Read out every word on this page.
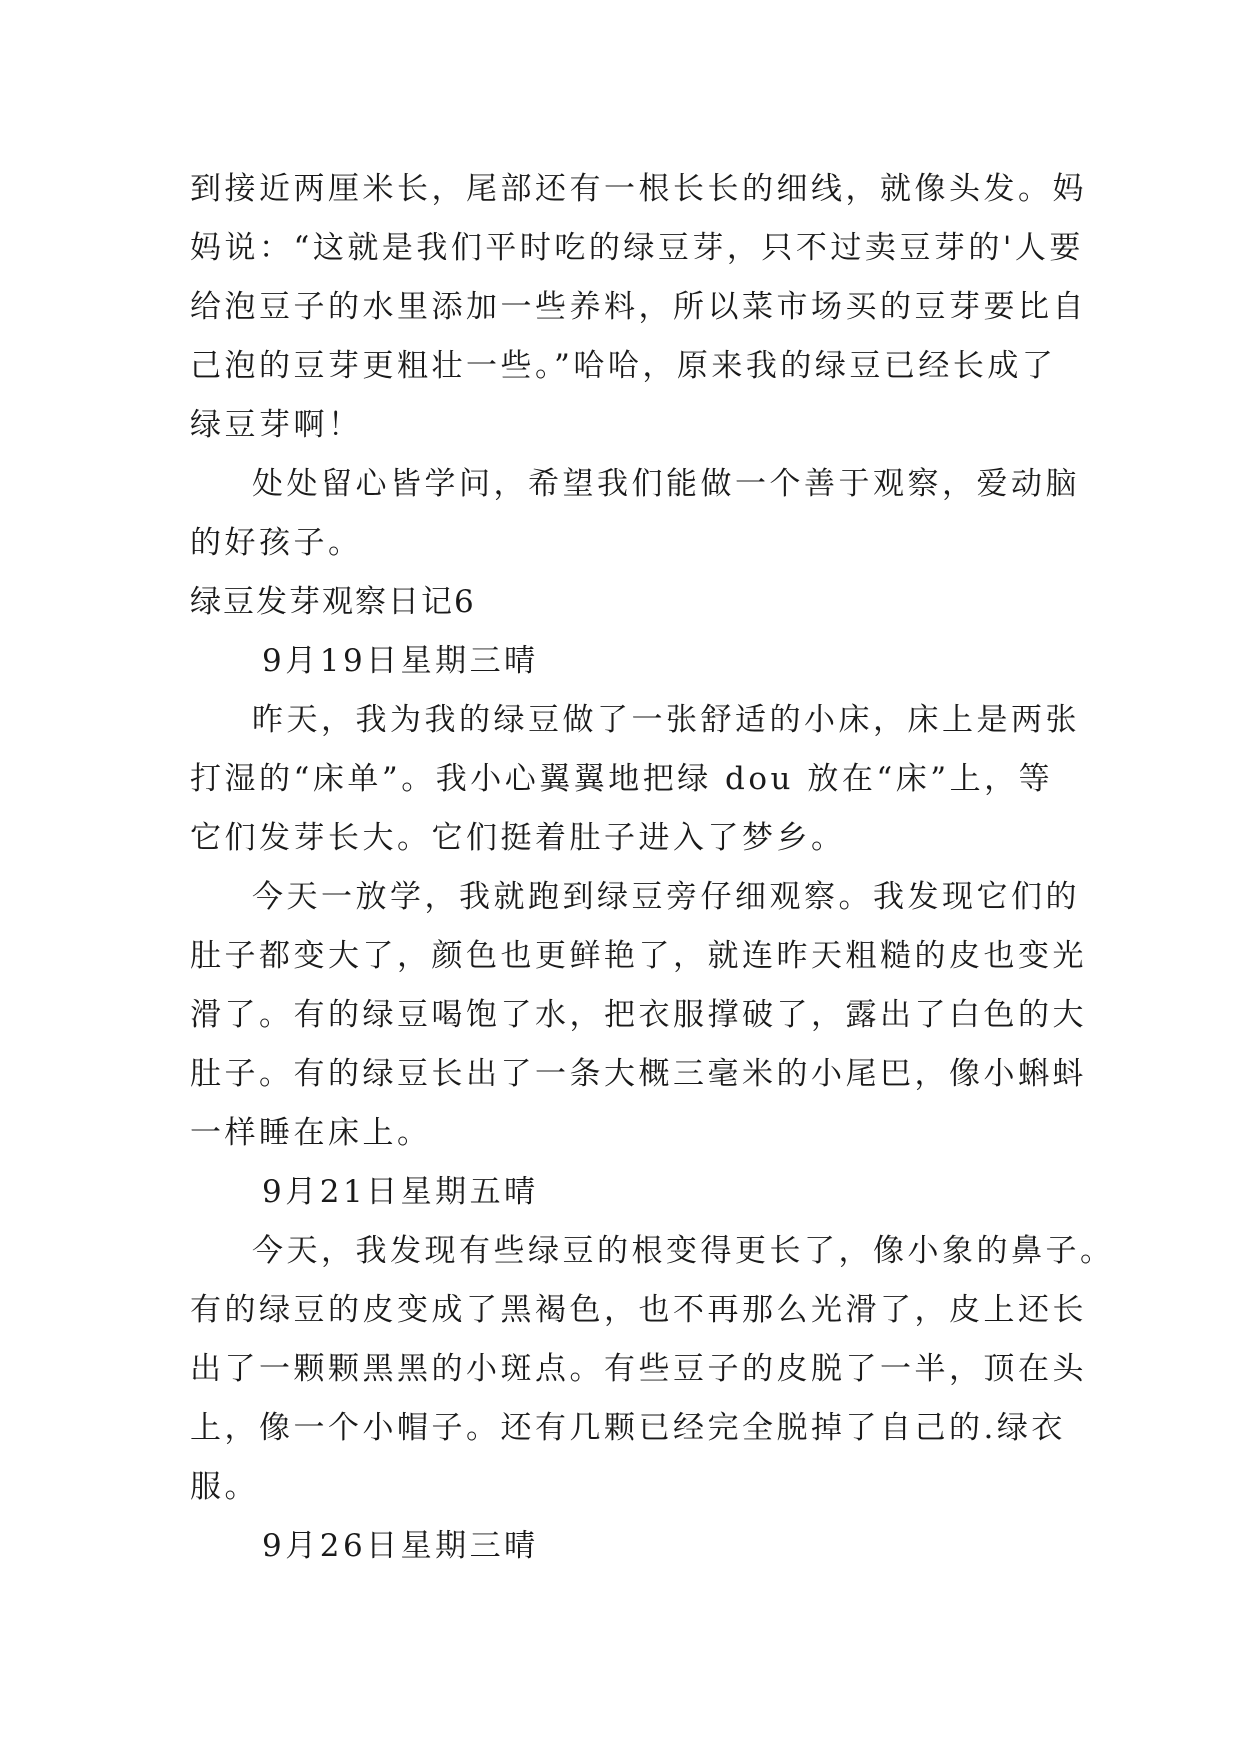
到接近两厘米长，尾部还有一根长长的细线，就像头发。妈
妈说：“这就是我们平时吃的绿豆芽，只不过卖豆芽的'人要
给泡豆子的水里添加一些养料，所以菜市场买的豆芽要比自
己泡的豆芽更粗壮一些。”哈哈，原来我的绿豆已经长成了
绿豆芽啊！
处处留心皆学问，希望我们能做一个善于观察，爱动脑
的好孩子。
绿豆发芽观察日记6
9月19日星期三晴
昨天，我为我的绿豆做了一张舒适的小床，床上是两张
打湿的“床单”。我小心翼翼地把绿 dou 放在“床”上，等
它们发芽长大。它们挺着肚子进入了梦乡。
今天一放学，我就跑到绿豆旁仔细观察。我发现它们的
肚子都变大了，颜色也更鲜艳了，就连昨天粗糙的皮也变光
滑了。有的绿豆喝饱了水，把衣服撑破了，露出了白色的大
肚子。有的绿豆长出了一条大概三毫米的小尾巴，像小蝌蚪
一样睡在床上。
9月21日星期五晴
今天，我发现有些绿豆的根变得更长了，像小象的鼻子。
有的绿豆的皮变成了黑褐色，也不再那么光滑了，皮上还长
出了一颗颗黑黑的小斑点。有些豆子的皮脱了一半，顶在头
上，像一个小帽子。还有几颗已经完全脱掉了自己的.绿衣
服。
9月26日星期三晴
